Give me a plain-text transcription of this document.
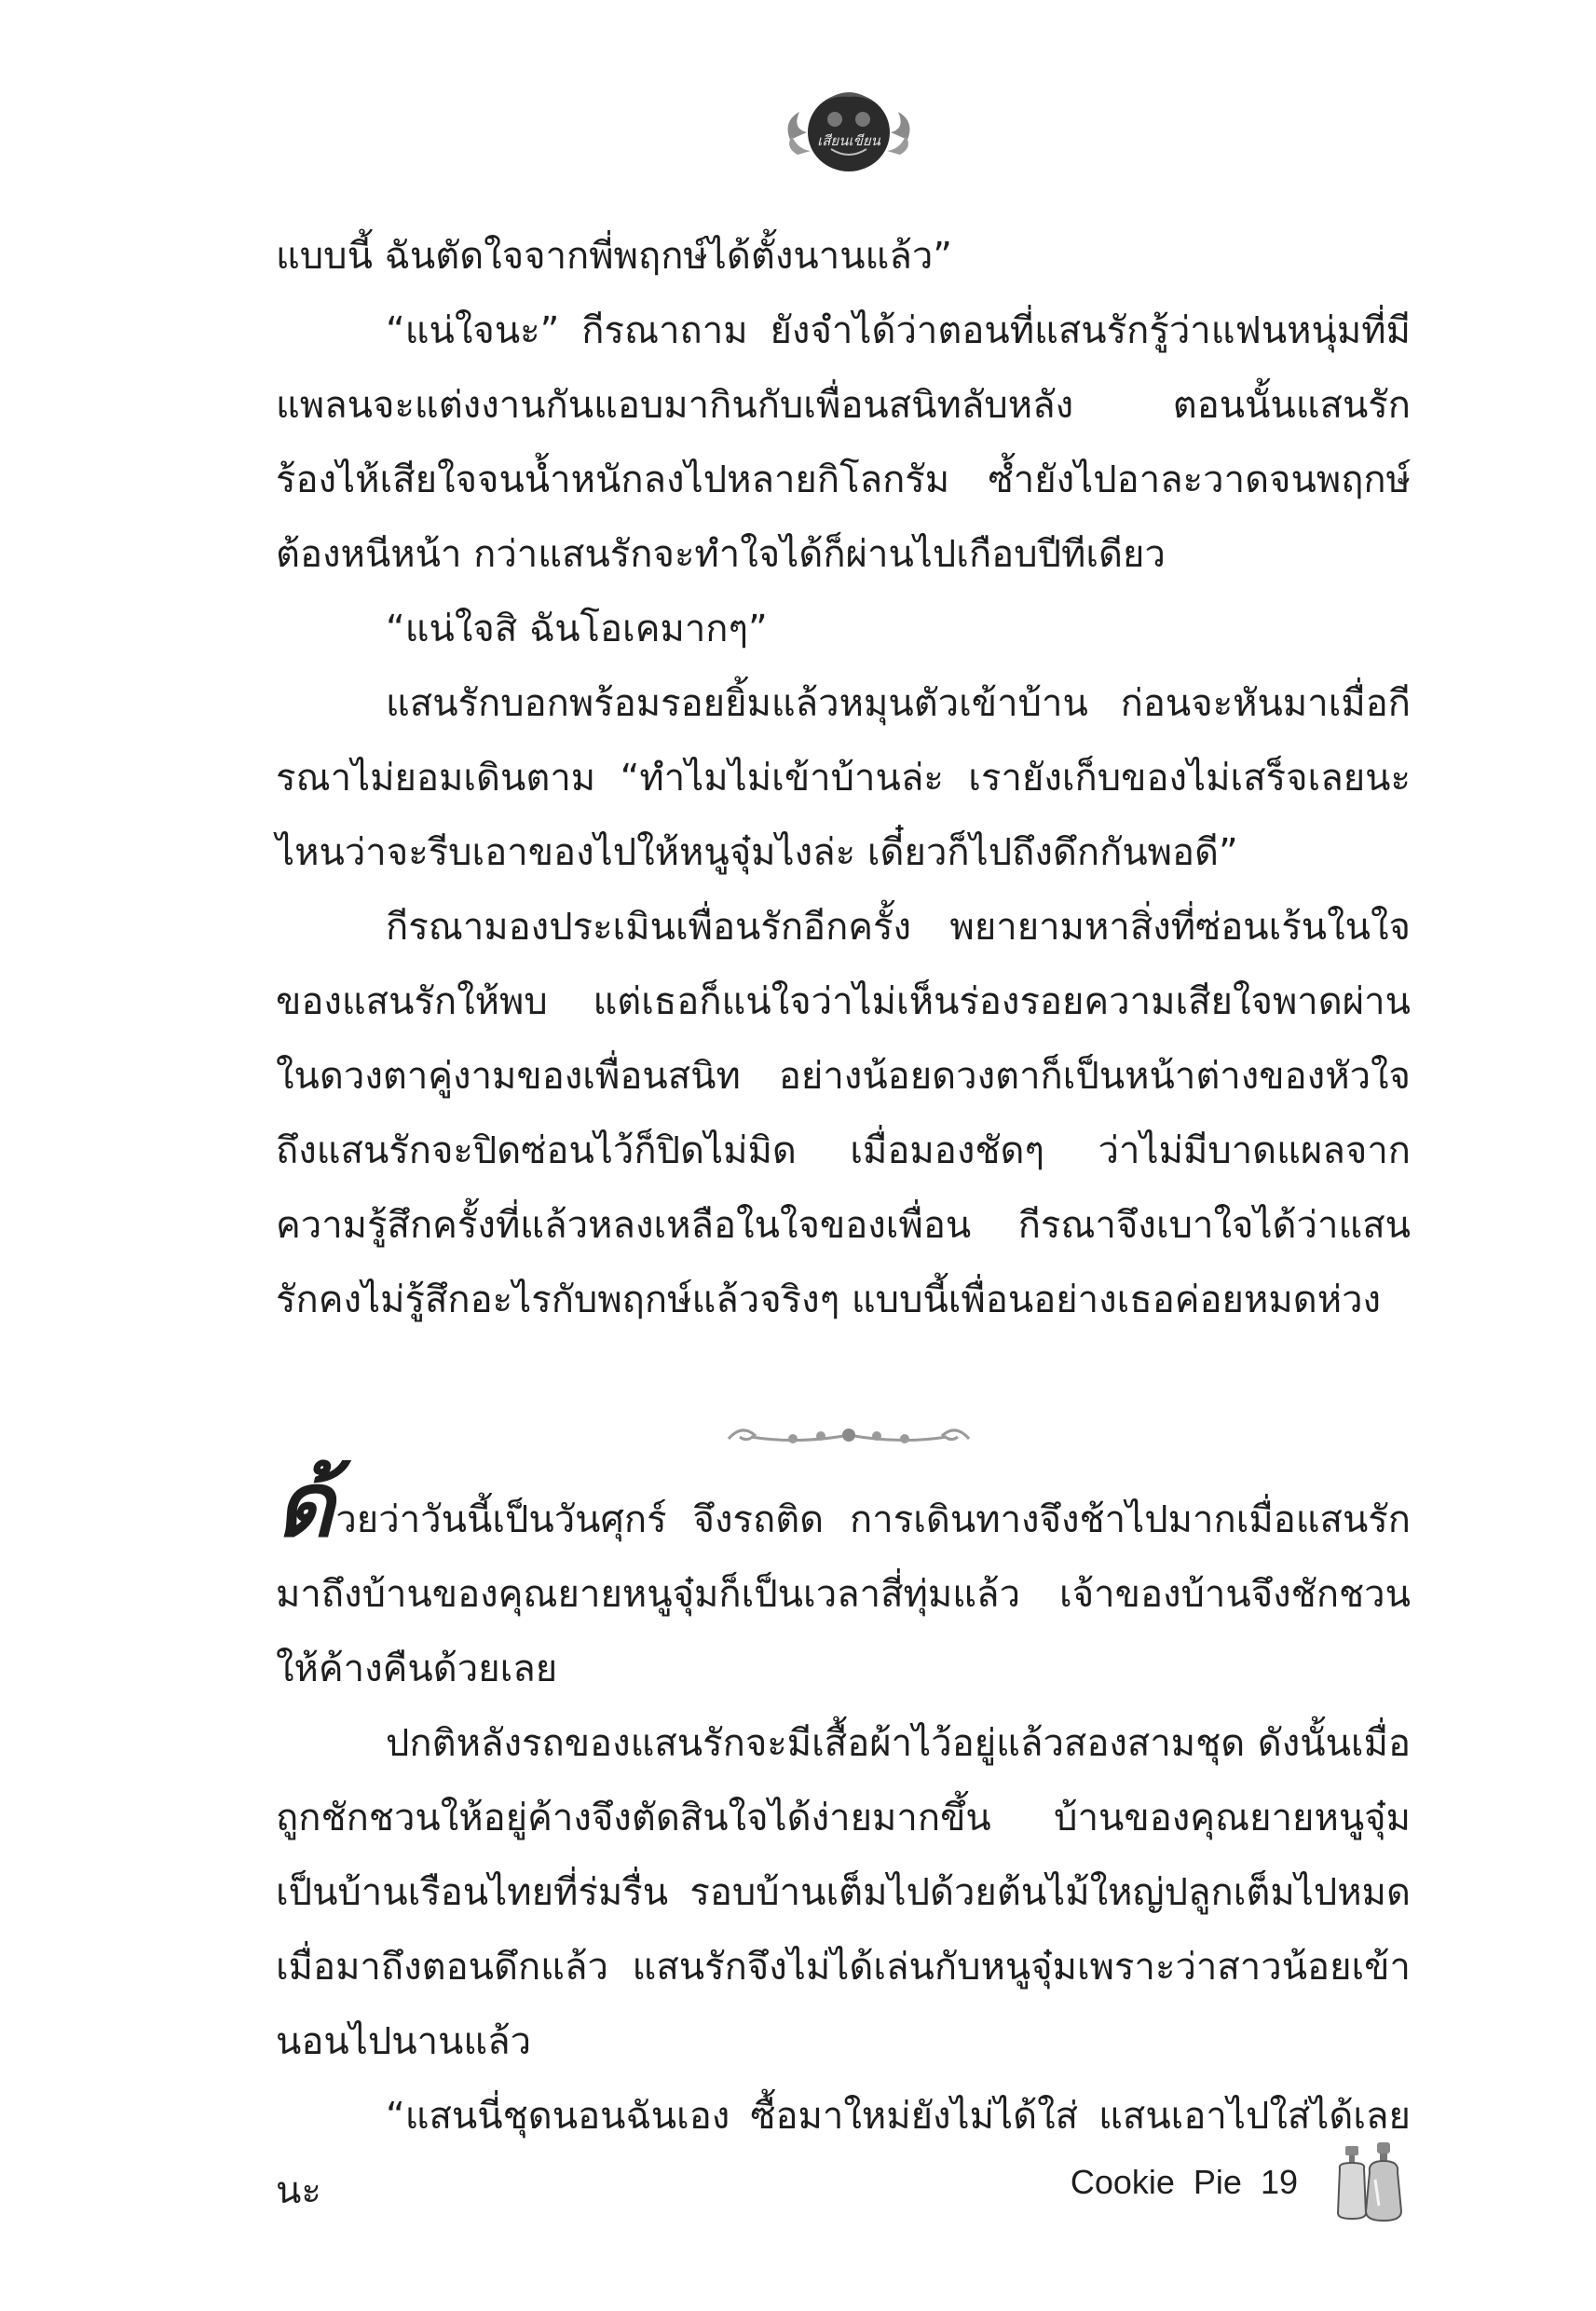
เสียนเขียน

แบบนี้ ฉันตัดใจจากพี่พฤกษ์ได้ตั้งนานแล้ว”

“แน่ใจนะ” กีรณาถาม ยังจำได้ว่าตอนที่แสนรักรู้ว่าแฟนหนุ่มที่มีแพลนจะแต่งงานกันแอบมากินกับเพื่อนสนิทลับหลัง ตอนนั้นแสนรักร้องไห้เสียใจจนน้ำหนักลงไปหลายกิโลกรัม ซ้ำยังไปอาละวาดจนพฤกษ์ต้องหนีหน้า กว่าแสนรักจะทำใจได้ก็ผ่านไปเกือบปีทีเดียว

“แน่ใจสิ ฉันโอเคมากๆ”

แสนรักบอกพร้อมรอยยิ้มแล้วหมุนตัวเข้าบ้าน ก่อนจะหันมาเมื่อกีรณาไม่ยอมเดินตาม “ทำไมไม่เข้าบ้านล่ะ เรายังเก็บของไม่เสร็จเลยนะ ไหนว่าจะรีบเอาของไปให้หนูจุ๋มไงล่ะ เดี๋ยวก็ไปถึงดึกกันพอดี”

กีรณามองประเมินเพื่อนรักอีกครั้ง พยายามหาสิ่งที่ซ่อนเร้นในใจของแสนรักให้พบ แต่เธอก็แน่ใจว่าไม่เห็นร่องรอยความเสียใจพาดผ่านในดวงตาคู่งามของเพื่อนสนิท อย่างน้อยดวงตาก็เป็นหน้าต่างของหัวใจ ถึงแสนรักจะปิดซ่อนไว้ก็ปิดไม่มิด เมื่อมองชัดๆ ว่าไม่มีบาดแผลจากความรู้สึกครั้งที่แล้วหลงเหลือในใจของเพื่อน กีรณาจึงเบาใจได้ว่าแสนรักคงไม่รู้สึกอะไรกับพฤกษ์แล้วจริงๆ แบบนี้เพื่อนอย่างเธอค่อยหมดห่วง

ด้วยว่าวันนี้เป็นวันศุกร์ จึงรถติด การเดินทางจึงช้าไปมากเมื่อแสนรักมาถึงบ้านของคุณยายหนูจุ๋มก็เป็นเวลาสี่ทุ่มแล้ว เจ้าของบ้านจึงชักชวนให้ค้างคืนด้วยเลย

ปกติหลังรถของแสนรักจะมีเสื้อผ้าไว้อยู่แล้วสองสามชุด ดังนั้นเมื่อถูกชักชวนให้อยู่ค้างจึงตัดสินใจได้ง่ายมากขึ้น บ้านของคุณยายหนูจุ๋มเป็นบ้านเรือนไทยที่ร่มรื่น รอบบ้านเต็มไปด้วยต้นไม้ใหญ่ปลูกเต็มไปหมด เมื่อมาถึงตอนดึกแล้ว แสนรักจึงไม่ได้เล่นกับหนูจุ๋มเพราะว่าสาวน้อยเข้านอนไปนานแล้ว

“แสนนี่ชุดนอนฉันเอง ซื้อมาใหม่ยังไม่ได้ใส่ แสนเอาไปใส่ได้เลยนะ	Cookie Pie 19
